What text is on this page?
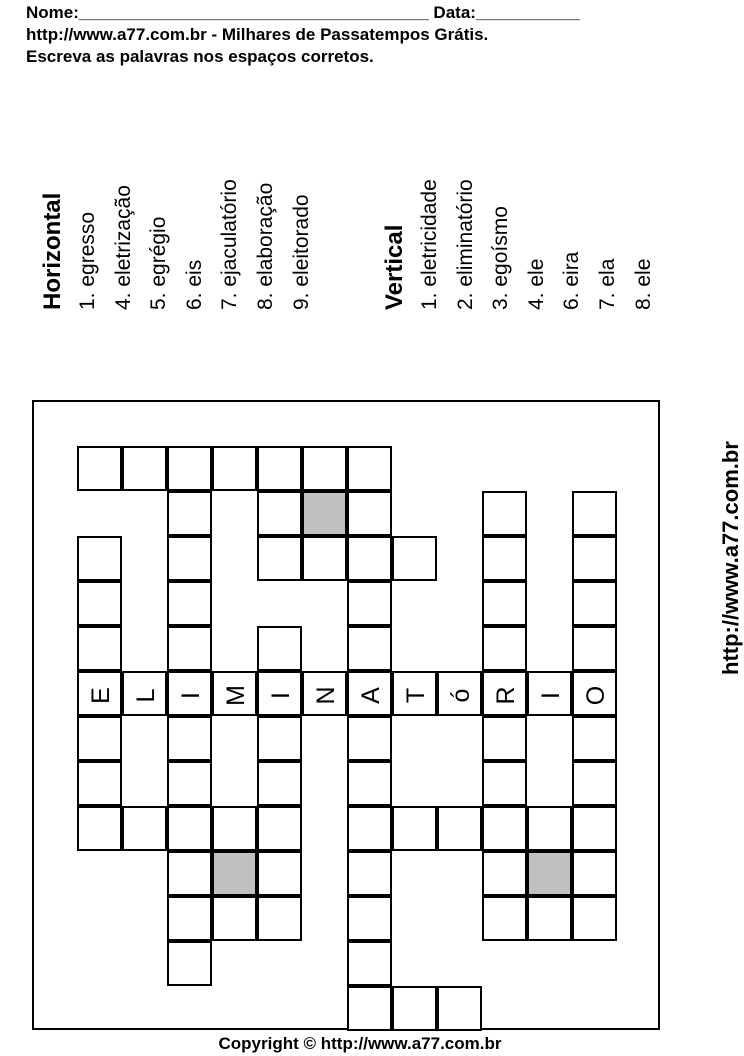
Nome:_____________________________________ Data:___________
http://www.a77.com.br - Milhares de Passatempos Grátis.
Escreva as palavras nos espaços corretos.
Horizontal 1. egresso 4. eletrização 5. egrégio 6. eis 7. ejaculatório 8. elaboração 9. eleitorado	Vertical 1. eletricidade 2. eliminatório 3. egoísmo 4. ele 6. eira 7. ela 8. ele
E L I M I N A T ó R I O
http://www.a77.com.br
Copyright © http://www.a77.com.br
